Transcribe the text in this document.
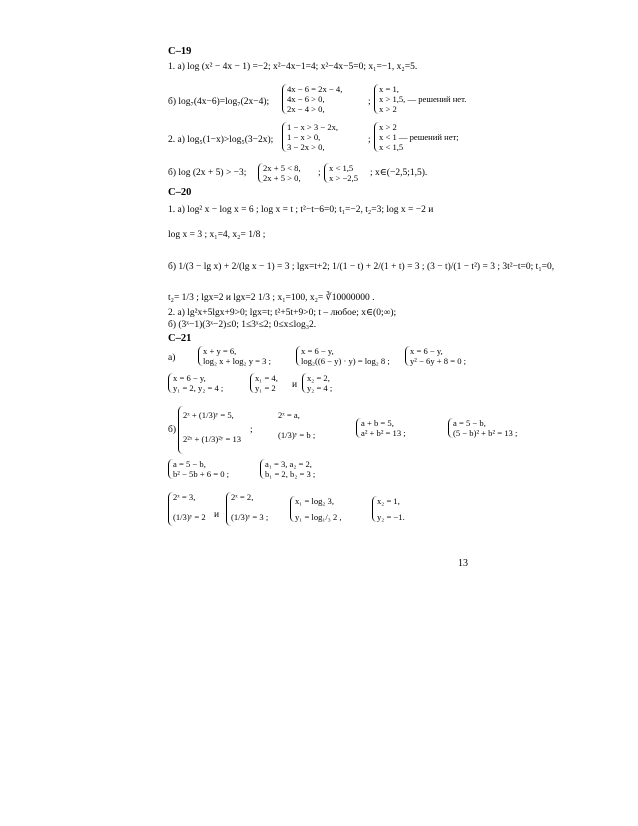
C–19
1. а) log (x² − 4x − 1) =−2; x²−4x−1=4; x²−4x−5=0; x₁=−1, x₂=5.
б) log₇(4x−6)=log₇(2x−4);
4x − 6 = 2x − 4,
4x − 6 > 0,
2x − 4 > 0,
;
x = 1,
x > 1,5, — решений нет.
x > 2
2. а) log₅(1−x)>log₅(3−2x);
1 − x > 3 − 2x,
1 − x > 0,
3 − 2x > 0,
;
x > 2
x < 1 — решений нет;
x < 1,5
б) log (2x + 5) > −3; 2x + 5 < 8,
2x + 5 > 0, ; x < 1,5
x > −2,5 ; x∈(−2,5;1,5).
C–20
1. а) log² x − log x = 6 ; log x = t ; t²−t−6=0; t₁=−2, t₂=3; log x = −2 и
log x = 3 ; x₁=4, x₂= 1/8 ;
б) 1/(3 − lg x) + 2/(lg x − 1) = 3 ; lgx=t+2; 1/(1 − t) + 2/(1 + t) = 3 ; (3 − t)/(1 − t²) = 3 ; 3t²−t=0; t₁=0,
t₂= 1/3 ; lgx=2 и lgx=2 1/3 ; x₁=100, x₂= ∛10000000 .
2. а) lg²x+5lgx+9>0; lgx=t; t²+5t+9>0; t – любое; x∈(0;∞);
б) (3ˣ−1)(3ˣ−2)≤0; 1≤3ˣ≤2; 0≤x≤log₃2.
C–21
а)
x + y = 6,
log₂ x + log₂ y = 3 ;
x = 6 − y,
log₂((6 − y) · y) = log₂ 8 ;
x = 6 − y,
y² − 6y + 8 = 0 ;
x = 6 − y,
y₁ = 2, y₂ = 4 ;
x₁ = 4,
y₁ = 2 и
x₂ = 2,
y₂ = 4 ;
б)
2ˣ + (1/3)ʸ = 5,
2²ˣ + (1/3)²ʸ = 13
;
2ˣ = a,
(1/3)ʸ = b ;
a + b = 5,
a² + b² = 13 ;
a = 5 − b,
(5 − b)² + b² = 13 ;
a = 5 − b,
b² − 5b + 6 = 0 ;
a₁ = 3, a₂ = 2,
b₁ = 2, b₂ = 3 ;
2ˣ = 3,
(1/3)ʸ = 2 и
2ˣ = 2,
(1/3)ʸ = 3 ;
x₁ = log₂ 3,
y₁ = log₁/₃ 2 ,
x₂ = 1,
y₂ = −1.
13
